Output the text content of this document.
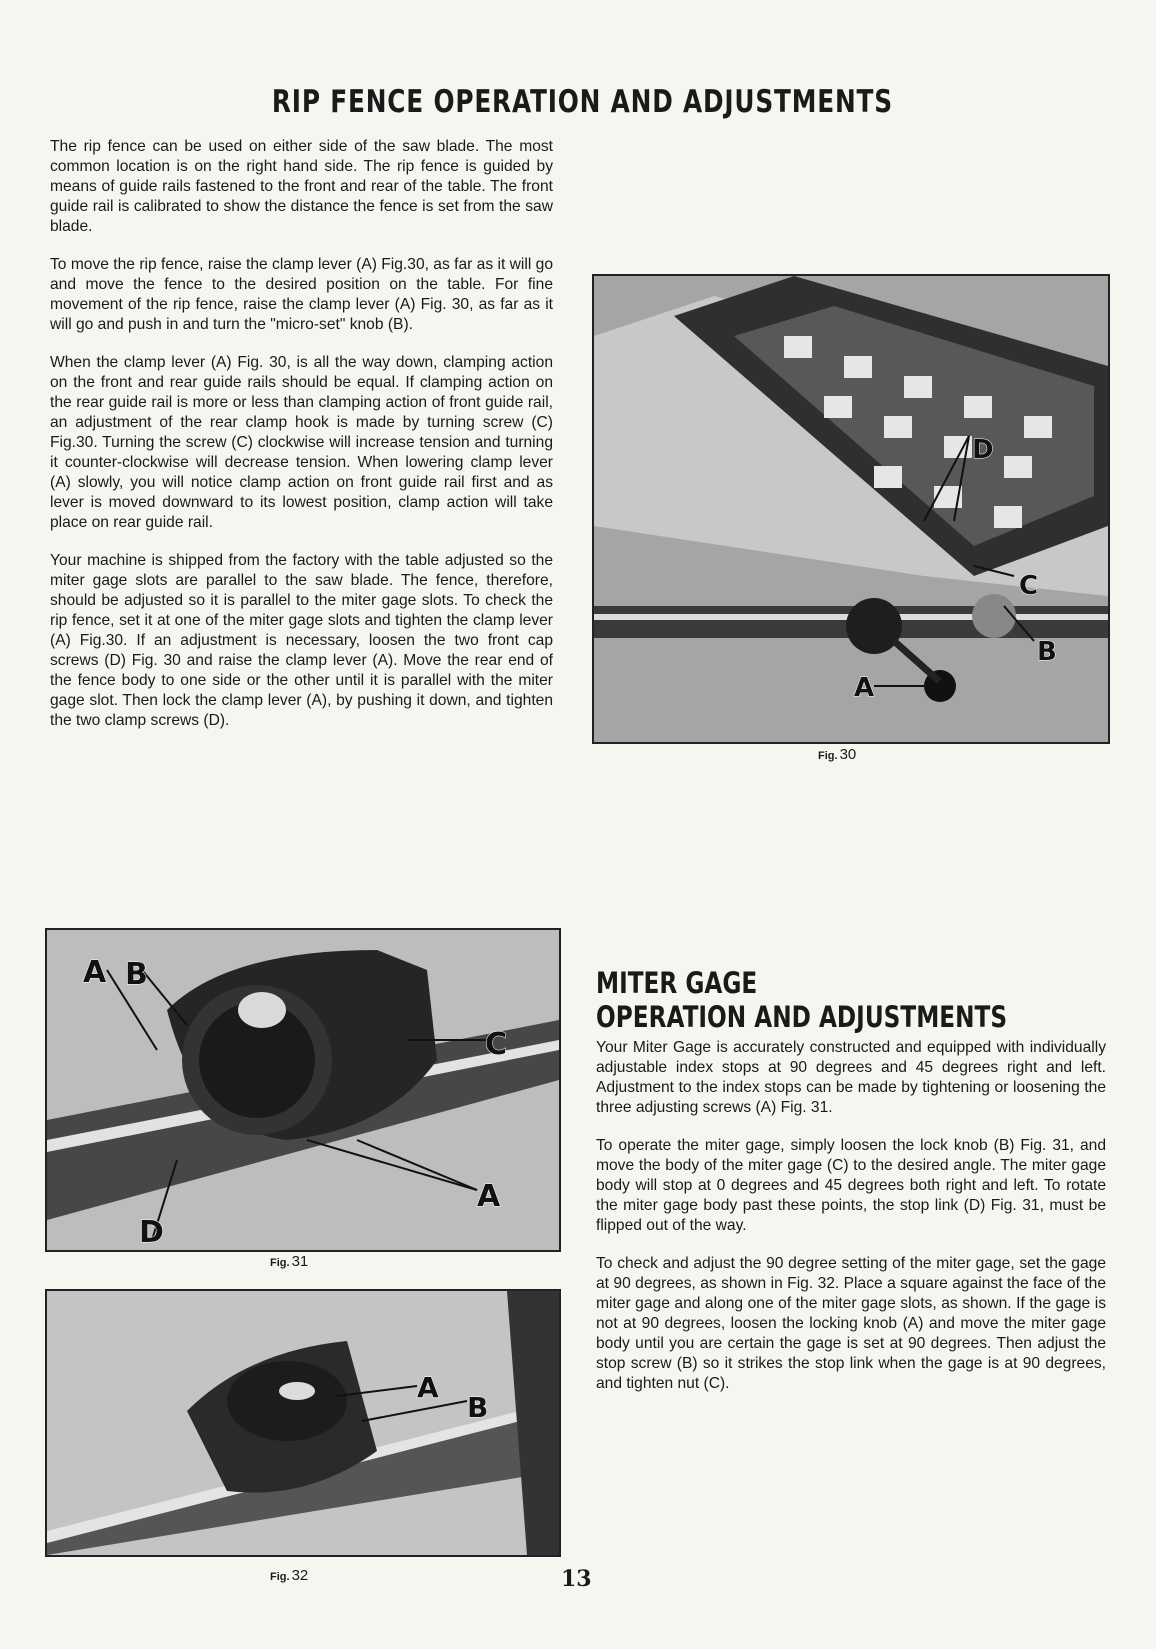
RIP FENCE OPERATION AND ADJUSTMENTS

The rip fence can be used on either side of the saw blade. The most common location is on the right hand side. The rip fence is guided by means of guide rails fastened to the front and rear of the table. The front guide rail is calibrated to show the distance the fence is set from the saw blade.

To move the rip fence, raise the clamp lever (A) Fig.30, as far as it will go and move the fence to the desired position on the table. For fine movement of the rip fence, raise the clamp lever (A) Fig. 30, as far as it will go and push in and turn the "micro-set" knob (B).

When the clamp lever (A) Fig. 30, is all the way down, clamping action on the front and rear guide rails should be equal. If clamping action on the rear guide rail is more or less than clamping action of front guide rail, an adjustment of the rear clamp hook is made by turning screw (C) Fig.30. Turning the screw (C) clockwise will increase tension and turning it counter-clockwise will decrease tension. When lowering clamp lever (A) slowly, you will notice clamp action on front guide rail first and as lever is moved downward to its lowest position, clamp action will take place on rear guide rail.

Your machine is shipped from the factory with the table adjusted so the miter gage slots are parallel to the saw blade. The fence, therefore, should be adjusted so it is parallel to the miter gage slots. To check the rip fence, set it at one of the miter gage slots and tighten the clamp lever (A) Fig.30. If an adjustment is necessary, loosen the two front cap screws (D) Fig. 30 and raise the clamp lever (A). Move the rear end of the fence body to one side or the other until it is parallel with the miter gage slot. Then lock the clamp lever (A), by pushing it down, and tighten the two clamp screws (D).

D
C
B
A
Fig. 30
A B
C
A
D
Fig. 31
A
B
Fig. 32
MITER GAGE
OPERATION AND ADJUSTMENTS

Your Miter Gage is accurately constructed and equipped with individually adjustable index stops at 90 degrees and 45 degrees right and left. Adjustment to the index stops can be made by tightening or loosening the three adjusting screws (A) Fig. 31.

To operate the miter gage, simply loosen the lock knob (B) Fig. 31, and move the body of the miter gage (C) to the desired angle. The miter gage body will stop at 0 degrees and 45 degrees both right and left. To rotate the miter gage body past these points, the stop link (D) Fig. 31, must be flipped out of the way.

To check and adjust the 90 degree setting of the miter gage, set the gage at 90 degrees, as shown in Fig. 32. Place a square against the face of the miter gage and along one of the miter gage slots, as shown. If the gage is not at 90 degrees, loosen the locking knob (A) and move the miter gage body until you are certain the gage is set at 90 degrees. Then adjust the stop screw (B) so it strikes the stop link when the gage is at 90 degrees, and tighten nut (C).

13
